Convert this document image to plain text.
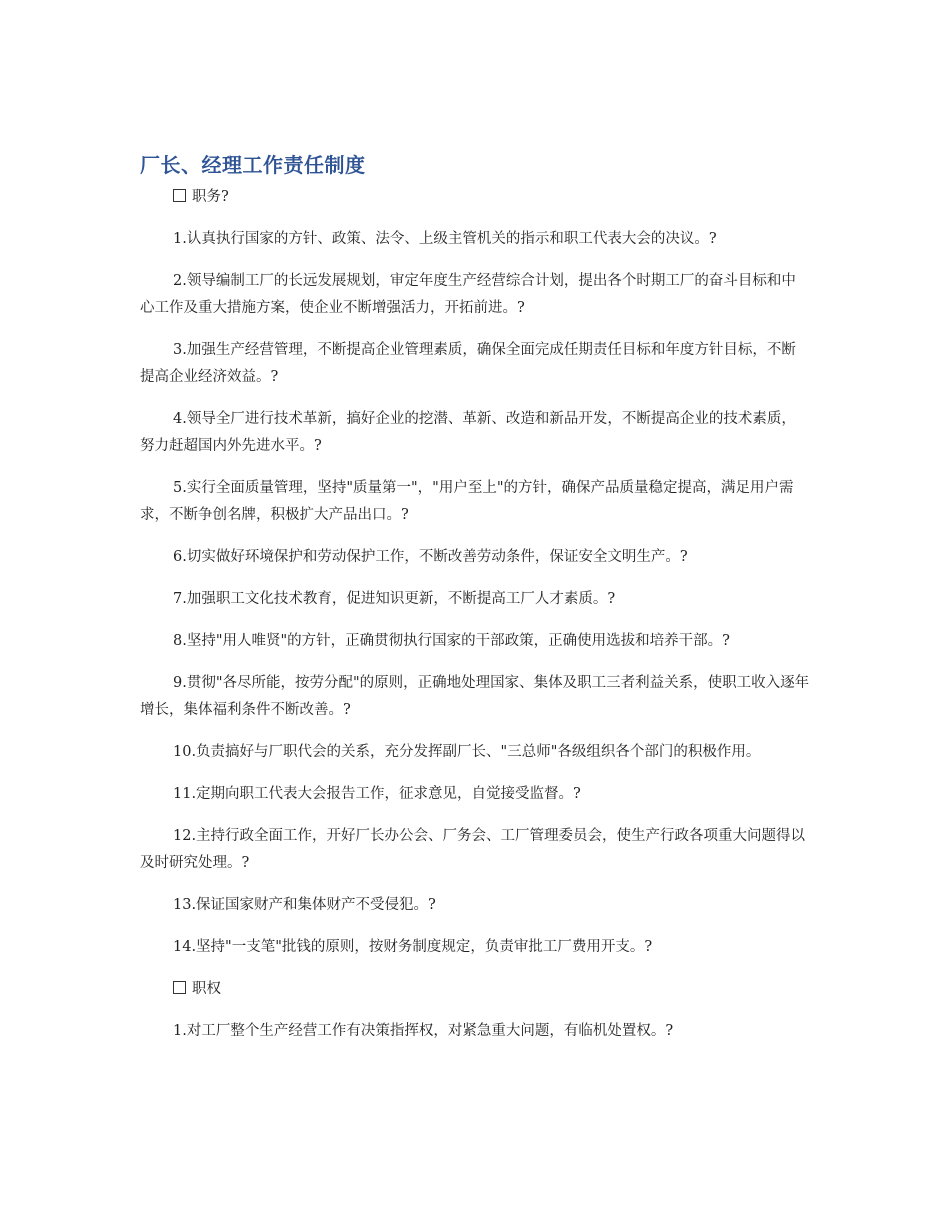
厂长、经理工作责任制度
职务?

1.认真执行国家的方针、政策、法令、上级主管机关的指示和职工代表大会的决议。?

2.领导编制工厂的长远发展规划，审定年度生产经营综合计划，提出各个时期工厂的奋斗目标和中心工作及重大措施方案，使企业不断增强活力，开拓前进。?

3.加强生产经营管理，不断提高企业管理素质，确保全面完成任期责任目标和年度方针目标，不断提高企业经济效益。?

4.领导全厂进行技术革新，搞好企业的挖潜、革新、改造和新品开发，不断提高企业的技术素质，努力赶超国内外先进水平。?

5.实行全面质量管理，坚持"质量第一"，"用户至上"的方针，确保产品质量稳定提高，满足用户需求，不断争创名牌，积极扩大产品出口。?

6.切实做好环境保护和劳动保护工作，不断改善劳动条件，保证安全文明生产。?

7.加强职工文化技术教育，促进知识更新，不断提高工厂人才素质。?

8.坚持"用人唯贤"的方针，正确贯彻执行国家的干部政策，正确使用选拔和培养干部。?

9.贯彻"各尽所能，按劳分配"的原则，正确地处理国家、集体及职工三者利益关系，使职工收入逐年增长，集体福利条件不断改善。?

10.负责搞好与厂职代会的关系，充分发挥副厂长、"三总师"各级组织各个部门的积极作用。

11.定期向职工代表大会报告工作，征求意见，自觉接受监督。?

12.主持行政全面工作，开好厂长办公会、厂务会、工厂管理委员会，使生产行政各项重大问题得以及时研究处理。?

13.保证国家财产和集体财产不受侵犯。?

14.坚持"一支笔"批钱的原则，按财务制度规定，负责审批工厂费用开支。?

职权

1.对工厂整个生产经营工作有决策指挥权，对紧急重大问题，有临机处置权。?
